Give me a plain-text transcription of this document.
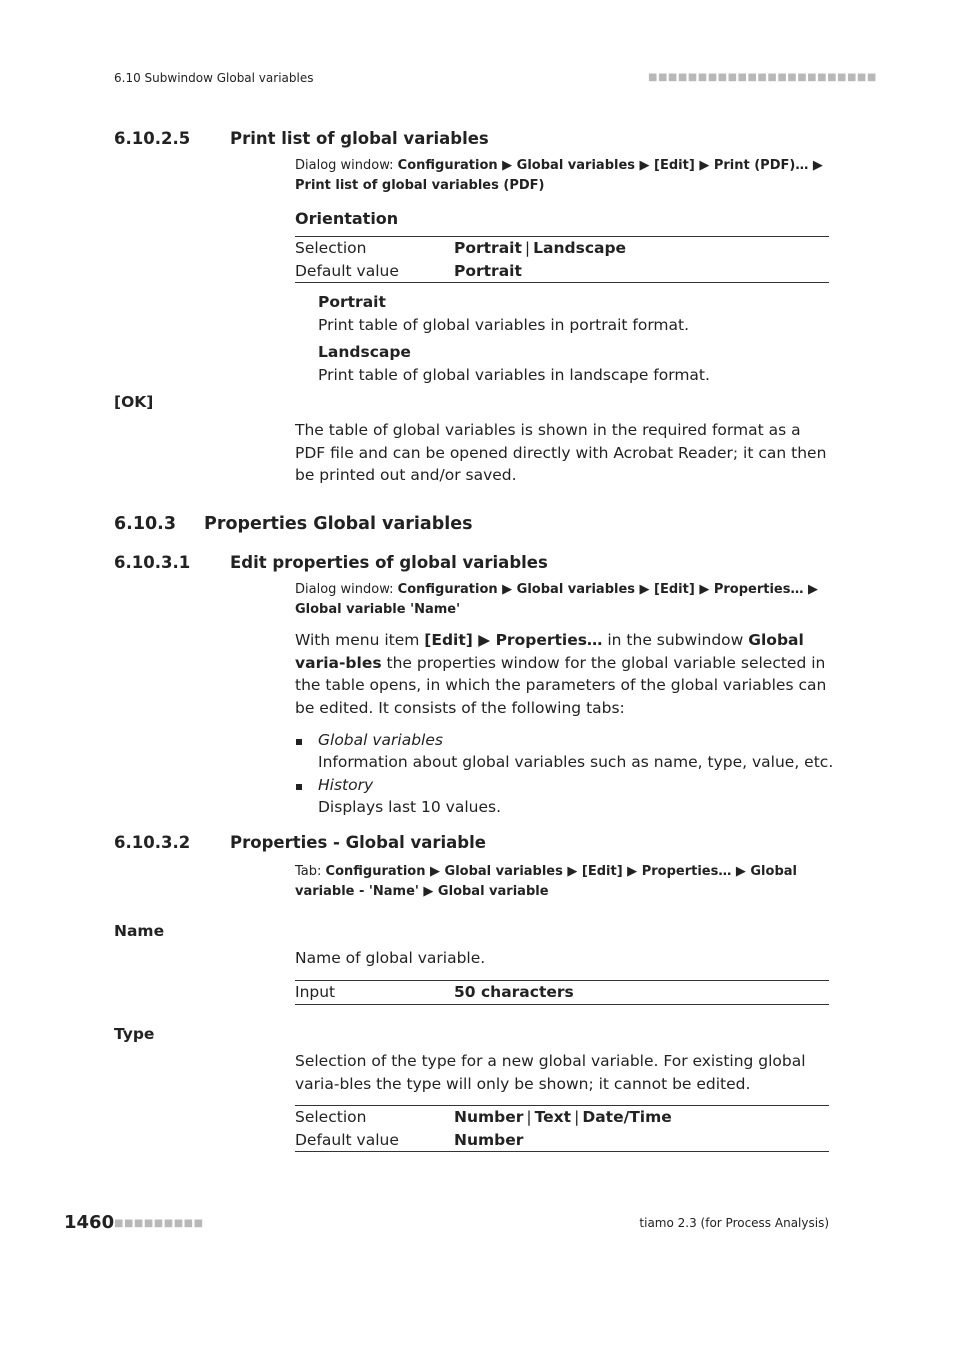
6.10 Subwindow Global variables	■■■■■■■■■■■■■■■■■■■■■■■
6.10.2.5 Print list of global variables
Dialog window: Configuration ▶ Global variables ▶ [Edit] ▶ Print (PDF)… ▶ Print list of global variables (PDF)
Orientation
Selection	Portrait | Landscape
Default value	Portrait
Portrait
Print table of global variables in portrait format.
Landscape
Print table of global variables in landscape format.
[OK]
The table of global variables is shown in the required format as a PDF file and can be opened directly with Acrobat Reader; it can then be printed out and/or saved.
6.10.3 Properties Global variables
6.10.3.1 Edit properties of global variables
Dialog window: Configuration ▶ Global variables ▶ [Edit] ▶ Properties… ▶ Global variable 'Name'
With menu item [Edit] ▶ Properties… in the subwindow Global varia-bles the properties window for the global variable selected in the table opens, in which the parameters of the global variables can be edited. It consists of the following tabs:
Global variables
Information about global variables such as name, type, value, etc.
History
Displays last 10 values.
6.10.3.2 Properties - Global variable
Tab: Configuration ▶ Global variables ▶ [Edit] ▶ Properties… ▶ Global variable - 'Name' ▶ Global variable
Name
Name of global variable.
Input	50 characters
Type
Selection of the type for a new global variable. For existing global varia-bles the type will only be shown; it cannot be edited.
Selection	Number | Text | Date/Time
Default value	Number
1460 ■■■■■■■■■	tiamo 2.3 (for Process Analysis)
